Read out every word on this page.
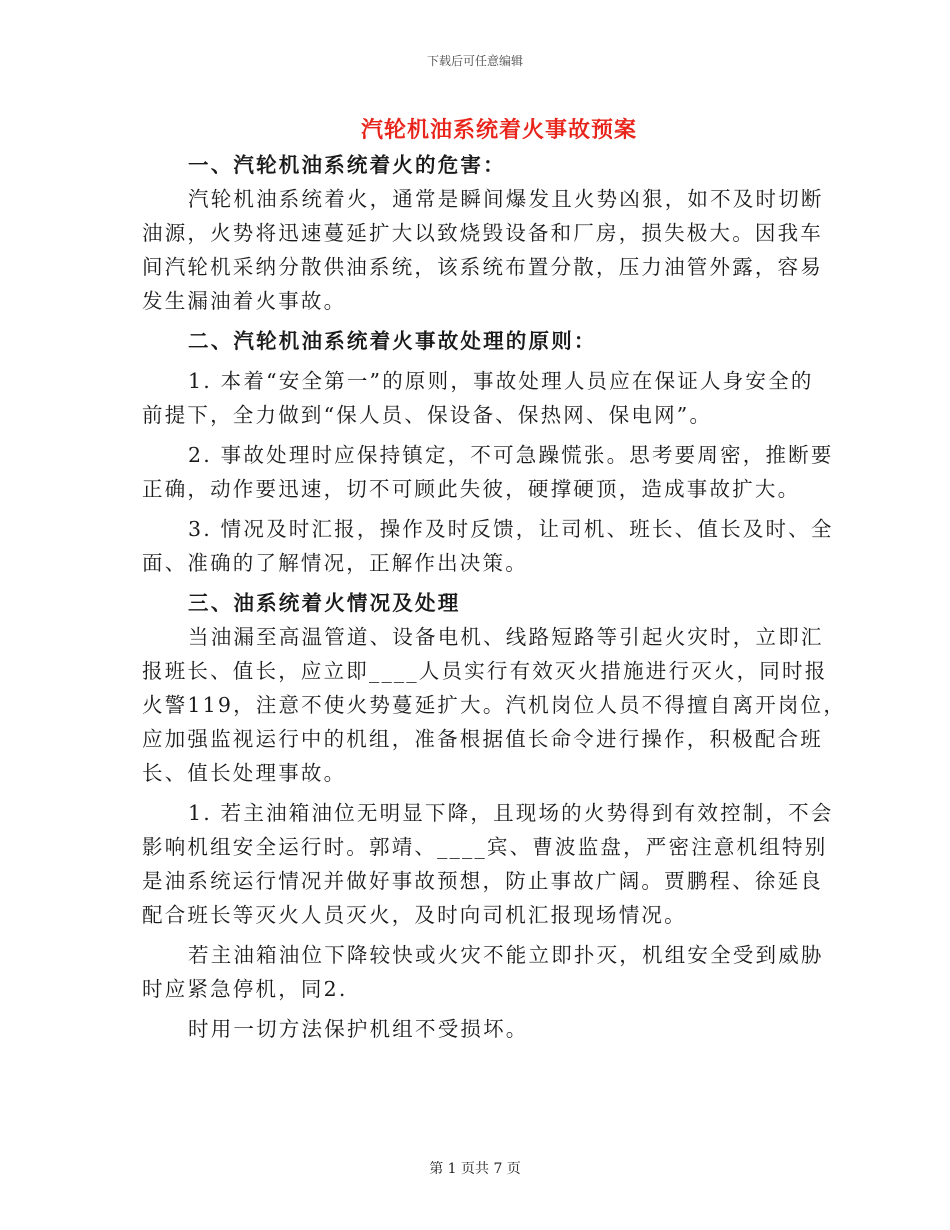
下载后可任意编辑
汽轮机油系统着火事故预案
一、汽轮机油系统着火的危害：
汽轮机油系统着火，通常是瞬间爆发且火势凶狠，如不及时切断
油源，火势将迅速蔓延扩大以致烧毁设备和厂房，损失极大。因我车
间汽轮机采纳分散供油系统，该系统布置分散，压力油管外露，容易
发生漏油着火事故。
二、汽轮机油系统着火事故处理的原则：
1. 本着“安全第一”的原则，事故处理人员应在保证人身安全的
前提下，全力做到“保人员、保设备、保热网、保电网”。
2. 事故处理时应保持镇定，不可急躁慌张。思考要周密，推断要
正确，动作要迅速，切不可顾此失彼，硬撑硬顶，造成事故扩大。
3. 情况及时汇报，操作及时反馈，让司机、班长、值长及时、全
面、准确的了解情况，正解作出决策。
三、油系统着火情况及处理
当油漏至高温管道、设备电机、线路短路等引起火灾时，立即汇
报班长、值长，应立即____人员实行有效灭火措施进行灭火，同时报
火警119，注意不使火势蔓延扩大。汽机岗位人员不得擅自离开岗位，
应加强监视运行中的机组，准备根据值长命令进行操作，积极配合班
长、值长处理事故。
1. 若主油箱油位无明显下降，且现场的火势得到有效控制，不会
影响机组安全运行时。郭靖、____宾、曹波监盘，严密注意机组特别
是油系统运行情况并做好事故预想，防止事故广阔。贾鹏程、徐延良
配合班长等灭火人员灭火，及时向司机汇报现场情况。
若主油箱油位下降较快或火灾不能立即扑灭，机组安全受到威胁
时应紧急停机，同2.
时用一切方法保护机组不受损坏。
第 1 页共 7 页
